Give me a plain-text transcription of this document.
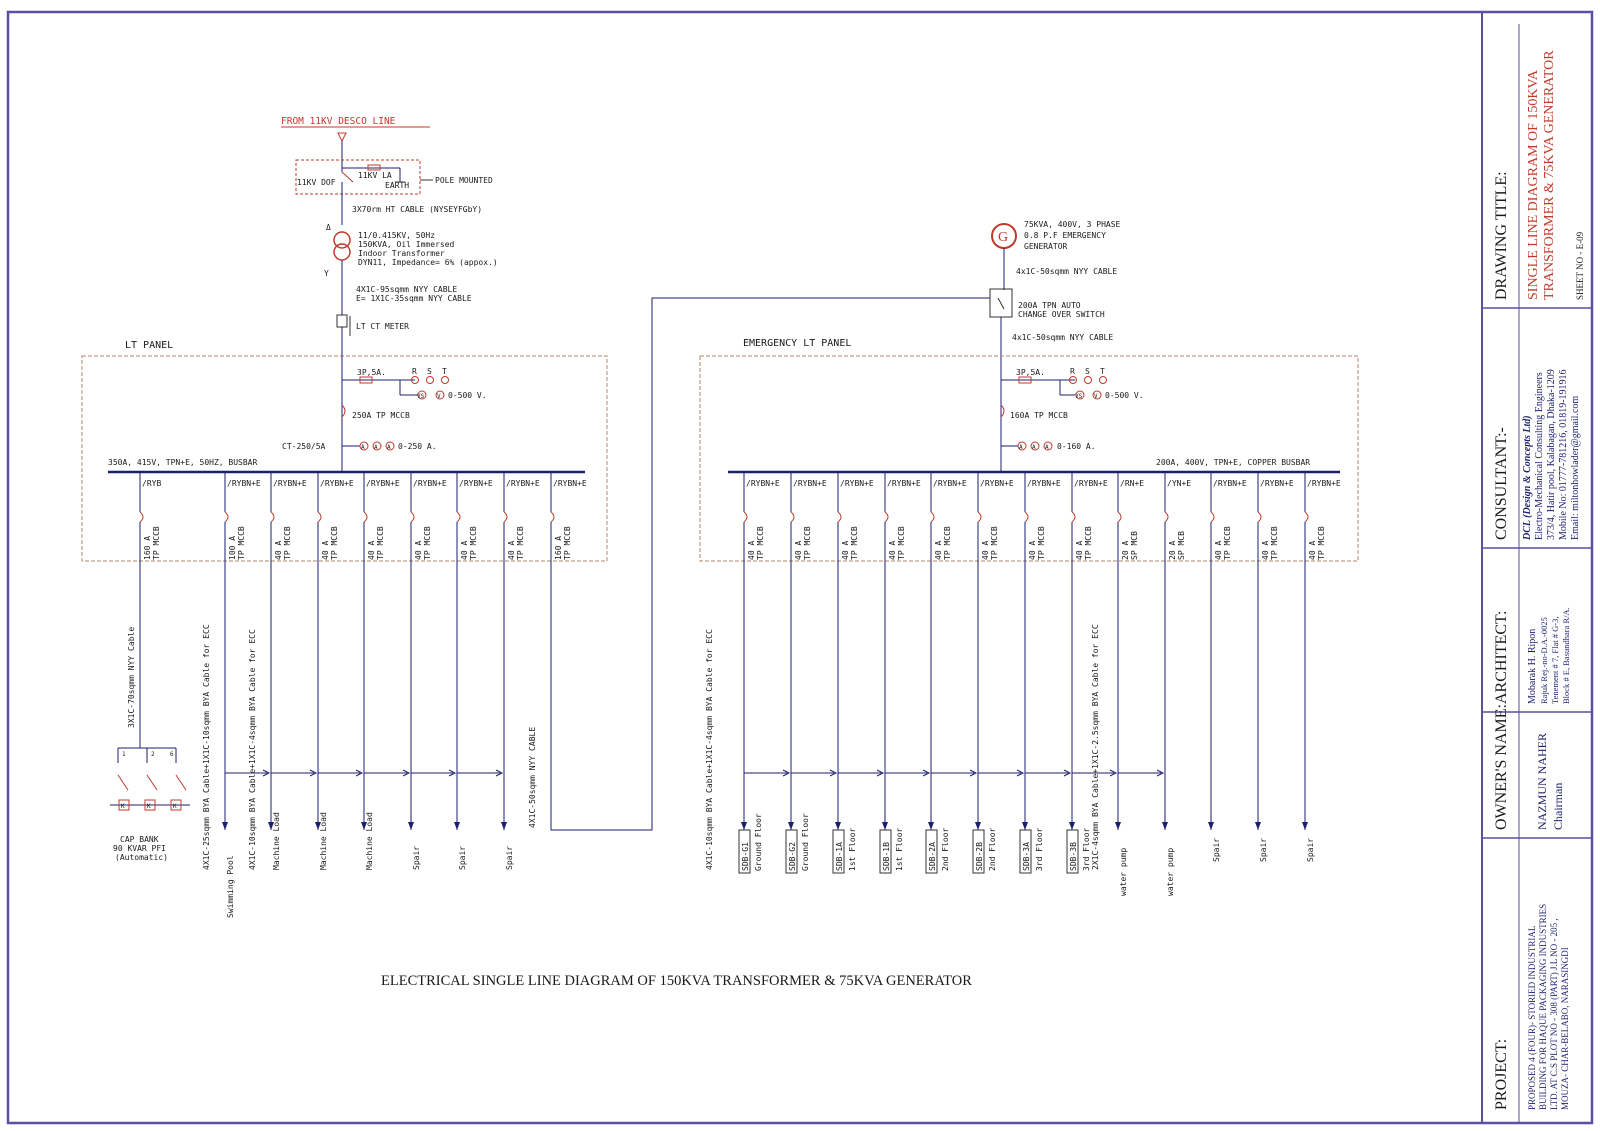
FROM 11KV DESCO LINE
11KV DOF
11KV LA
EARTH
POLE MOUNTED
3X70rm HT CABLE (NYSEYFGbY)
Δ
Y
11/0.415KV, 50Hz
150KVA, Oil Immersed
Indoor Transformer
DYN11, Impedance= 6% (appox.)
4X1C-95sqmm NYY CABLE
E= 1X1C-35sqmm NYY CABLE
LT CT METER
LT PANEL
3P,5A.	R S T
VS V 0-500 V.
250A TP MCCB
CT-250/5A	A A A 0-250 A.
350A, 415V, TPN+E, 50HZ, BUSBAR
/RYB
160 A TP MCCB
3X1C-70sqmm NYY Cable
/RYBN+E
100 A TP MCCB
Swimming Pool
4X1C-25sqmm BYA Cable+1X1C-10sqmm BYA Cable for ECC
/RYBN+E
40 A TP MCCB
Machine Load
4X1C-10sqmm BYA Cable+1X1C-4sqmm BYA Cable for ECC
/RYBN+E
40 A TP MCCB
Machine Load
/RYBN+E
40 A TP MCCB
Machine Load
/RYBN+E
40 A TP MCCB
Spair
/RYBN+E
40 A TP MCCB
Spair
/RYBN+E
40 A TP MCCB
Spair
/RYBN+E
160 A TP MCCB
4X1C-50sqmm NYY CABLE
1	2	6
K	K	K
CAP BANK
90 KVAR PFI
(Automatic)
G
75KVA, 400V, 3 PHASE
0.8 P.F EMERGENCY
GENERATOR
4x1C-50sqmm NYY CABLE
200A TPN AUTO
CHANGE OVER SWITCH
4x1C-50sqmm NYY CABLE
EMERGENCY LT PANEL
3P,5A.	R S T
VS V 0-500 V.
160A TP MCCB
A A A 0-160 A.
200A, 400V, TPN+E, COPPER BUSBAR
/RYBN+E
40 A TP MCCB
SDB-G1 Ground Floor
/RYBN+E
40 A TP MCCB
SDB-G2 Ground Floor
/RYBN+E
40 A TP MCCB
SDB-1A 1st Floor
/RYBN+E
40 A TP MCCB
SDB-1B 1st Floor
/RYBN+E
40 A TP MCCB
SDB-2A 2nd Floor
/RYBN+E
40 A TP MCCB
SDB-2B 2nd Floor
/RYBN+E
40 A TP MCCB
SDB-3A 3rd Floor
/RYBN+E
40 A TP MCCB
SDB-3B 3rd Floor
/RN+E
20 A SP MCB
water pump
/YN+E
20 A SP MCB
water pump
/RYBN+E
40 A TP MCCB
Spair
/RYBN+E
40 A TP MCCB
Spair
/RYBN+E
40 A TP MCCB
Spair
4X1C-10sqmm BYA Cable+1X1C-4sqmm BYA Cable for ECC	2X1C-4sqmm BYA Cable+1X1C-2.5sqmm BYA Cable for ECC
ELECTRICAL SINGLE LINE DIAGRAM OF 150KVA TRANSFORMER & 75KVA GENERATOR
DRAWING TITLE: SINGLE LINE DIAGRAM OF 150KVA TRANSFORMER & 75KVA GENERATOR SHEET NO - E-09
CONSULTANT:- DCL (Design & Concepts Ltd) Electro-Mechanical Consulting Engineers 373/4, Hatir pool, Kalabagan, Dhaka-1209 Mobile No: 01777-781216, 01819-191916 Email: miltonhowlader@gmail.com
ARCHITECT: Mobarak H. Ripon Rajuk Rej.-no-D.A.-0025 Tenement # 7, Flat # G-3, Block # E, Basundhara R/A.
OWNER'S NAME: NAZMUN NAHER Chairman
PROJECT: PROPOSED 4 (FOUR)- STORIED INDUSTRIAL BUILDING FOR HAQUE PACKAGING INDUSTRIES LTD. AT C.S PLOT NO - 308 (PART) J.L NO - 205 , MOUZA- CHAR-BELABO, NARASINGDI
